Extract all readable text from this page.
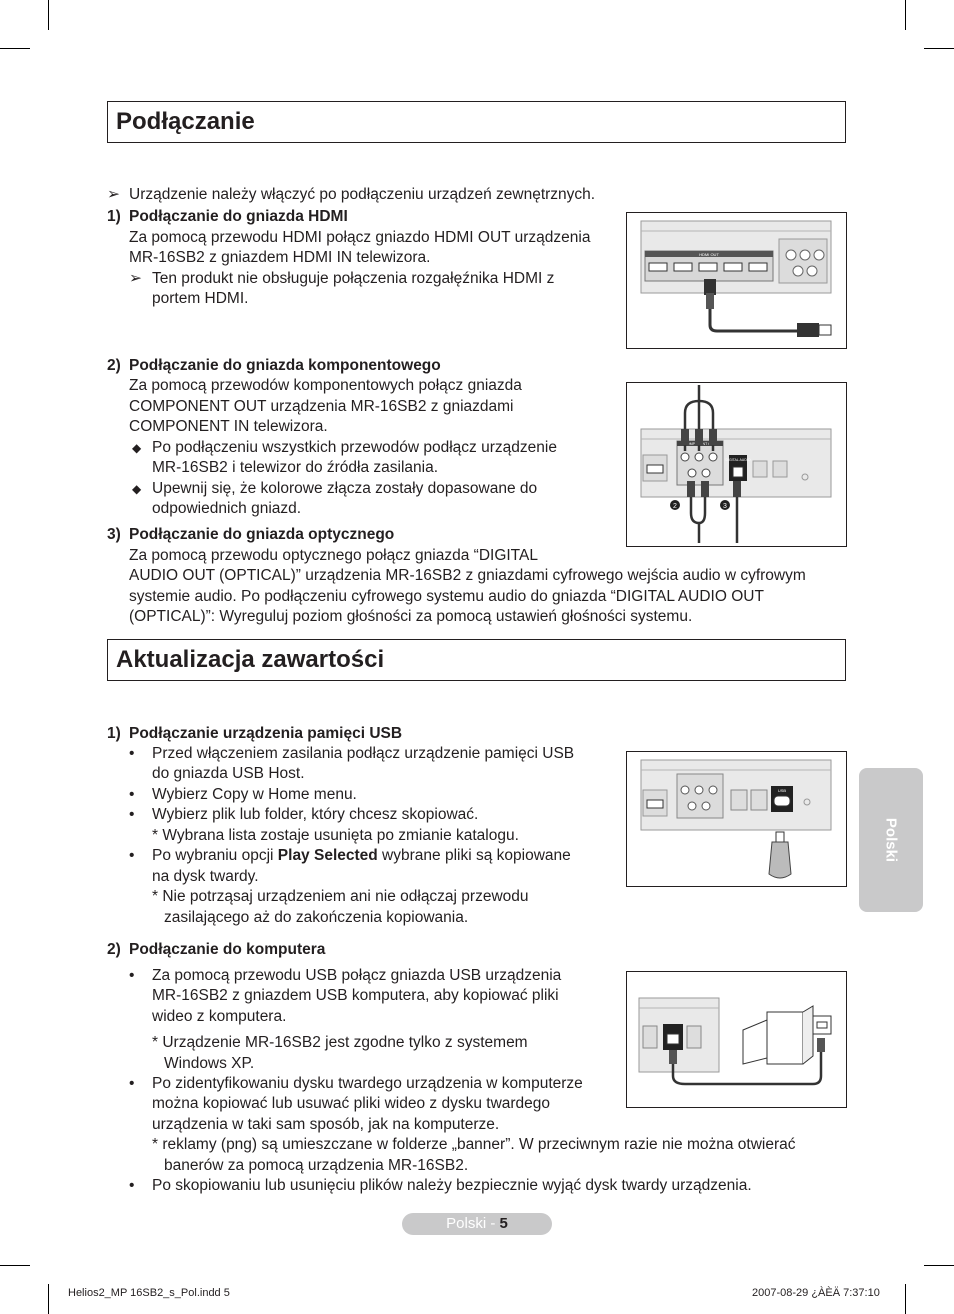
Podłączanie
➢ Urządzenie należy włączyć po podłączeniu urządzeń zewnętrznych.
1) Podłączanie do gniazda HDMI
Za pomocą przewodu HDMI połącz gniazdo HDMI OUT urządzenia
MR-16SB2 z gniazdem HDMI IN telewizora.
➢ Ten produkt nie obsługuje połączenia rozgałęźnika HDMI z
portem HDMI.
HDMI OUT
2) Podłączanie do gniazda komponentowego
Za pomocą przewodów komponentowych połącz gniazda
COMPONENT OUT urządzenia MR-16SB2 z gniazdami
COMPONENT IN telewizora.
◆ Po podłączeniu wszystkich przewodów podłącz urządzenie
MR-16SB2 i telewizor do źródła zasilania.
◆ Upewnij się, że kolorowe złącza zostały dopasowane do
odpowiednich gniazd.
DIGITAL AUDIO
2	3
3) Podłączanie do gniazda optycznego
Za pomocą przewodu optycznego połącz gniazda “DIGITAL
AUDIO OUT (OPTICAL)” urządzenia MR-16SB2 z gniazdami cyfrowego wejścia audio w cyfrowym
systemie audio. Po podłączeniu cyfrowego systemu audio do gniazda “DIGITAL AUDIO OUT
(OPTICAL)”: Wyreguluj poziom głośności za pomocą ustawień głośności systemu.
Aktualizacja zawartości
1) Podłączanie urządzenia pamięci USB
• Przed włączeniem zasilania podłącz urządzenie pamięci USB
do gniazda USB Host.
• Wybierz Copy w Home menu.
• Wybierz plik lub folder, który chcesz skopiować.
* Wybrana lista zostaje usunięta po zmianie katalogu.
• Po wybraniu opcji Play Selected wybrane pliki są kopiowane
na dysk twardy.
* Nie potrząsaj urządzeniem ani nie odłączaj przewodu
zasilającego aż do zakończenia kopiowania.
USB
2) Podłączanie do komputera
• Za pomocą przewodu USB połącz gniazda USB urządzenia
MR-16SB2 z gniazdem USB komputera, aby kopiować pliki
wideo z komputera.
* Urządzenie MR-16SB2 jest zgodne tylko z systemem
Windows XP.
• Po zidentyfikowaniu dysku twardego urządzenia w komputerze
można kopiować lub usuwać pliki wideo z dysku twardego
urządzenia w taki sam sposób, jak na komputerze.
* reklamy (png) są umieszczane w folderze „banner”. W przeciwnym razie nie można otwierać
banerów za pomocą urządzenia MR-16SB2.
• Po skopiowaniu lub usunięciu plików należy bezpiecznie wyjąć dysk twardy urządzenia.
Polski
Polski - 5
Helios2_MP 16SB2_s_Pol.indd 5	2007-08-29 ¿ÀÈÄ 7:37:10
